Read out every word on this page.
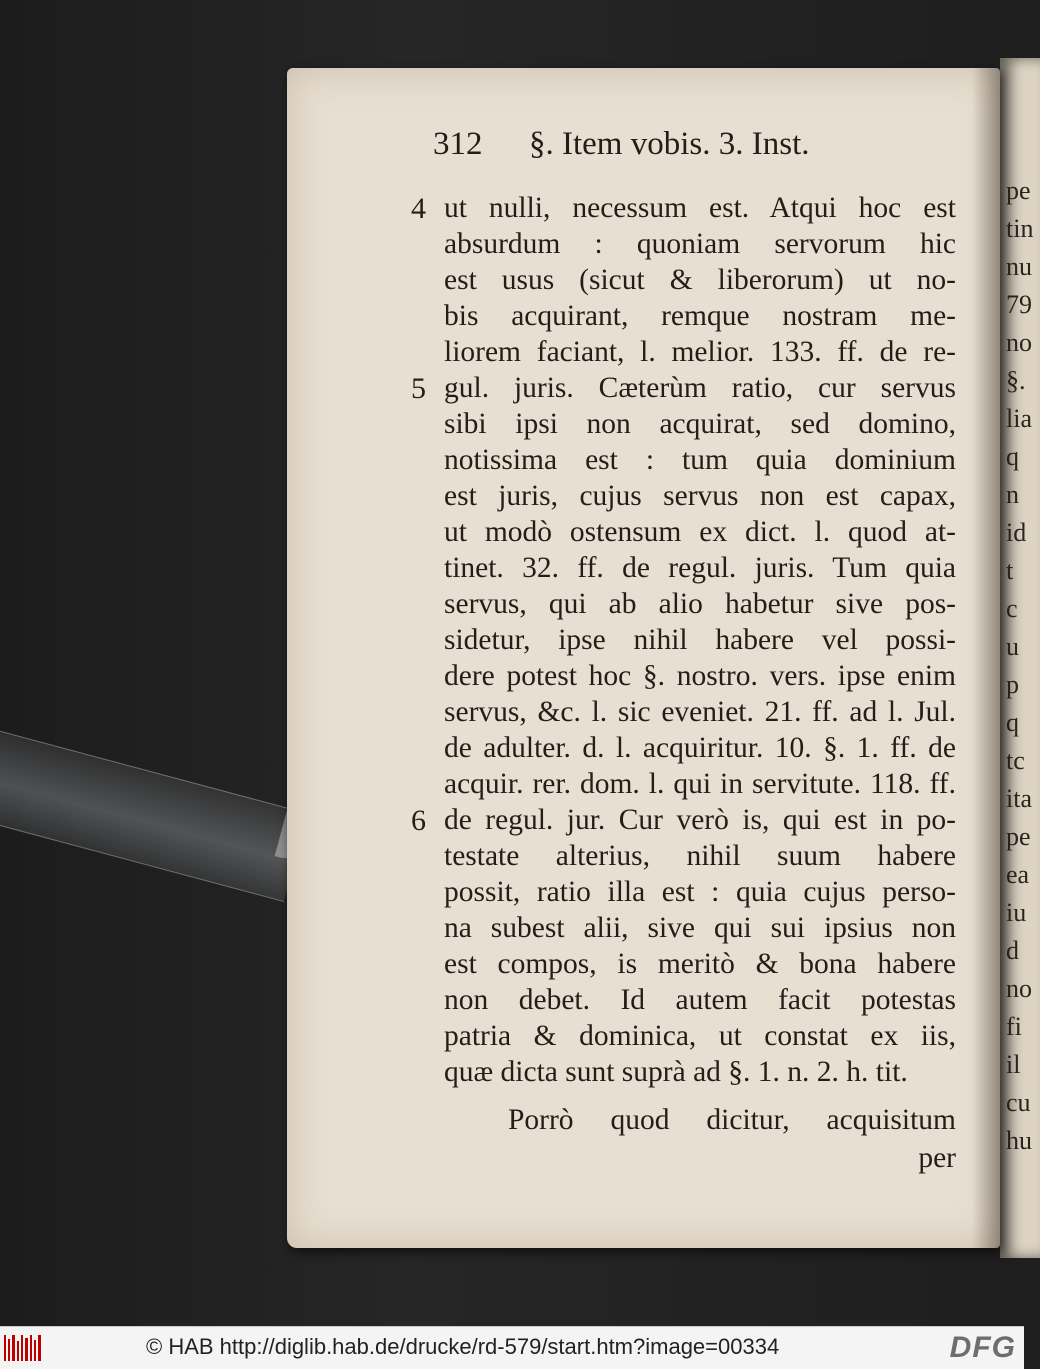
pe
tin
nu
79
no
§.
lia
q
n
id
t
c
u
p
q
tc
ita
pe
ea
iu
d
no
fi
il
cu
hu
312 §. Item vobis. 3. Inst.
4
5
6
ut nulli, necessum est. Atqui hoc est
absurdum : quoniam servorum hic
est usus (sicut & liberorum) ut no-
bis acquirant, remque nostram me-
liorem faciant, l. melior. 133. ff. de re-
gul. juris. Cæterùm ratio, cur servus
sibi ipsi non acquirat, sed domino,
notissima est : tum quia dominium
est juris, cujus servus non est capax,
ut modò ostensum ex dict. l. quod at-
tinet. 32. ff. de regul. juris. Tum quia
servus, qui ab alio habetur sive pos-
sidetur, ipse nihil habere vel possi-
dere potest hoc §. nostro. vers. ipse enim
servus, &c. l. sic eveniet. 21. ff. ad l. Jul.
de adulter. d. l. acquiritur. 10. §. 1. ff. de
acquir. rer. dom. l. qui in servitute. 118. ff.
de regul. jur. Cur verò is, qui est in po-
testate alterius, nihil suum habere
possit, ratio illa est : quia cujus perso-
na subest alii, sive qui sui ipsius non
est compos, is meritò & bona habere
non debet. Id autem facit potestas
patria & dominica, ut constat ex iis,
quæ dicta sunt suprà ad §. 1. n. 2. h. tit.
Porrò quod dicitur, acquisitum
per
© HAB http://diglib.hab.de/drucke/rd-579/start.htm?image=00334	DFG
